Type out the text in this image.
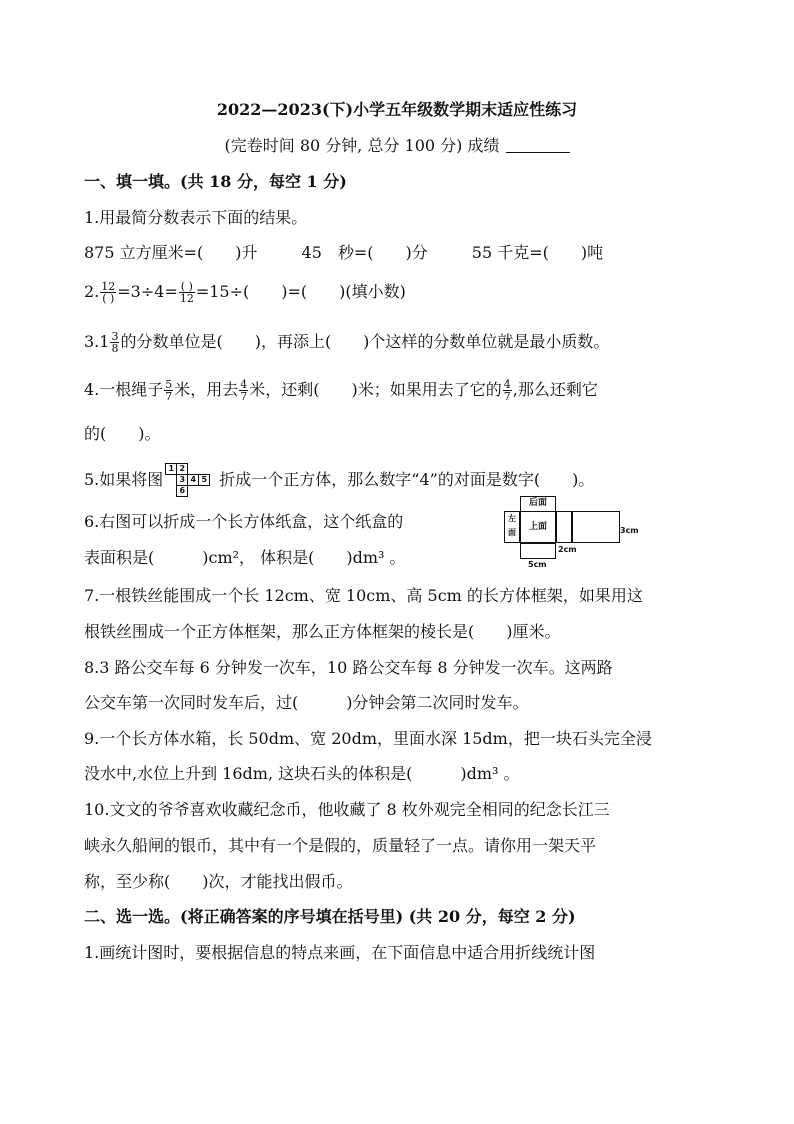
2022—2023(下)小学五年级数学期末适应性练习
(完卷时间 80 分钟, 总分 100 分) 成绩
一、填一填。(共 18 分，每空 1 分)
1.用最简分数表示下面的结果。
875 立方厘米=(　　)升	45　秒=(　　)分	55 千克=(　　)吨
2. $\frac{12}{( )} =3\div 4= \frac{( )}{12} =15\div$(　　)=(　　)(填小数)
$3.1 \frac{3}{8}$ 的分数单位是(　　)，再添上(　　)个这样的分数单位就是最小质数。
4.一根绳子 $\frac{5}{7}$ 米，用去 $\frac{4}{7}$ 米，还剩(　　)米；如果用去了它的 $\frac{4}{7}$ ,那么还剩它
的(　　)。
5.如果将图
1 2
3 4 5
6
折成一个正方体，那么数字“4”的对面是数字(　　)。
6.右图可以折成一个长方体纸盒，这个纸盒的
表面积是(　　　)cm²， 体积是(　　)dm³ 。
后面
左面
上面	3cm
2cm
5cm
7.一根铁丝能围成一个长 12cm、宽 10cm、高 5cm 的长方体框架，如果用这
根铁丝围成一个正方体框架，那么正方体框架的棱长是(　　)厘米。
8.3 路公交车每 6 分钟发一次车，10 路公交车每 8 分钟发一次车。这两路
公交车第一次同时发车后，过(　　　)分钟会第二次同时发车。
9.一个长方体水箱，长 50dm、宽 20dm，里面水深 15dm，把一块石头完全浸
没水中,水位上升到 16dm, 这块石头的体积是(　　　)dm³ 。
10.文文的爷爷喜欢收藏纪念币，他收藏了 8 枚外观完全相同的纪念长江三
峡永久船闸的银币，其中有一个是假的，质量轻了一点。请你用一架天平
称，至少称(　　)次，才能找出假币。
二、选一选。(将正确答案的序号填在括号里) (共 20 分，每空 2 分)
1.画统计图时，要根据信息的特点来画，在下面信息中适合用折线统计图
